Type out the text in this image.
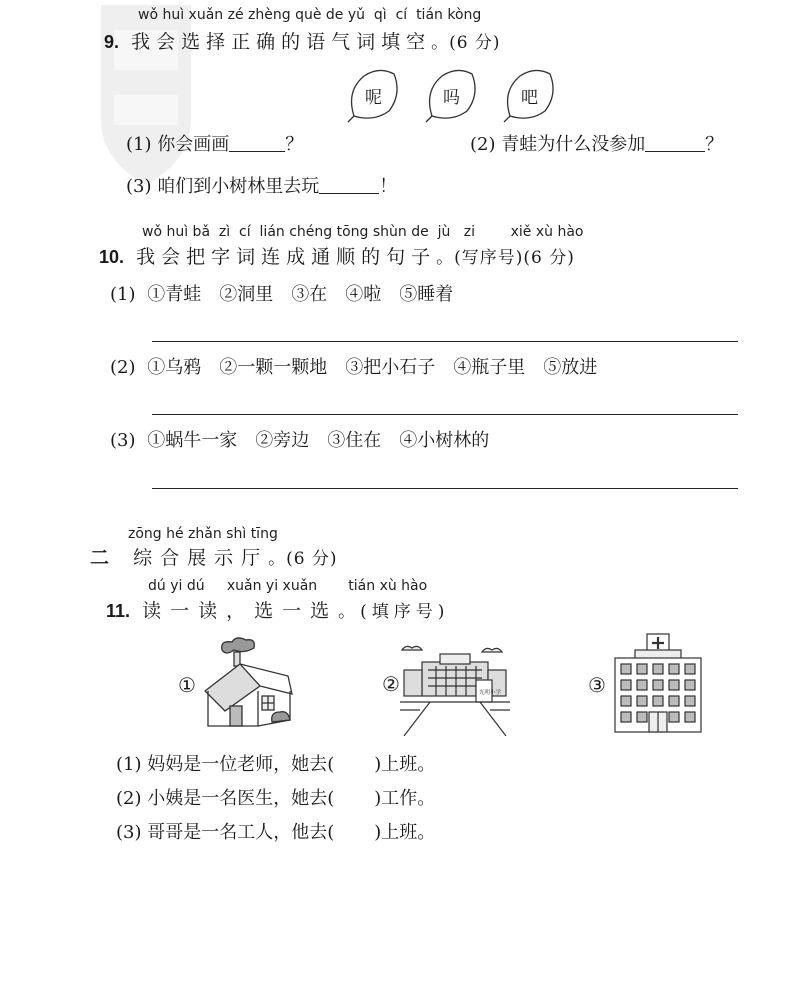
wǒ huì xuǎn zé zhèng què de yǔ  qì  cí  tián kòng
9. 我会选择正确的语气词填空。(6 分)
呢	吗	吧
(1) 你会画画	？	(2) 青蛙为什么没参加	？
(3) 咱们到小树林里去玩	！
wǒ huì bǎ  zì  cí  lián chéng tōng shùn de  jù   zi        xiě xù hào
10. 我会把字词连成通顺的句子。(写序号)(6 分)
(1) ①青蛙　②洞里　③在　④啦　⑤睡着
(2) ①乌鸦　②一颗一颗地　③把小石子　④瓶子里　⑤放进
(3) ①蜗牛一家　②旁边　③住在　④小树林的
zōng hé zhǎn shì tīng
二 综合展示厅。(6 分)
dú yi dú     xuǎn yi xuǎn       tián xù hào
11. 读一读，选一选。(填序号)
①	②	光明小学	③
(1) 妈妈是一位老师，她去( )上班。
(2) 小姨是一名医生，她去( )工作。
(3) 哥哥是一名工人，他去( )上班。
